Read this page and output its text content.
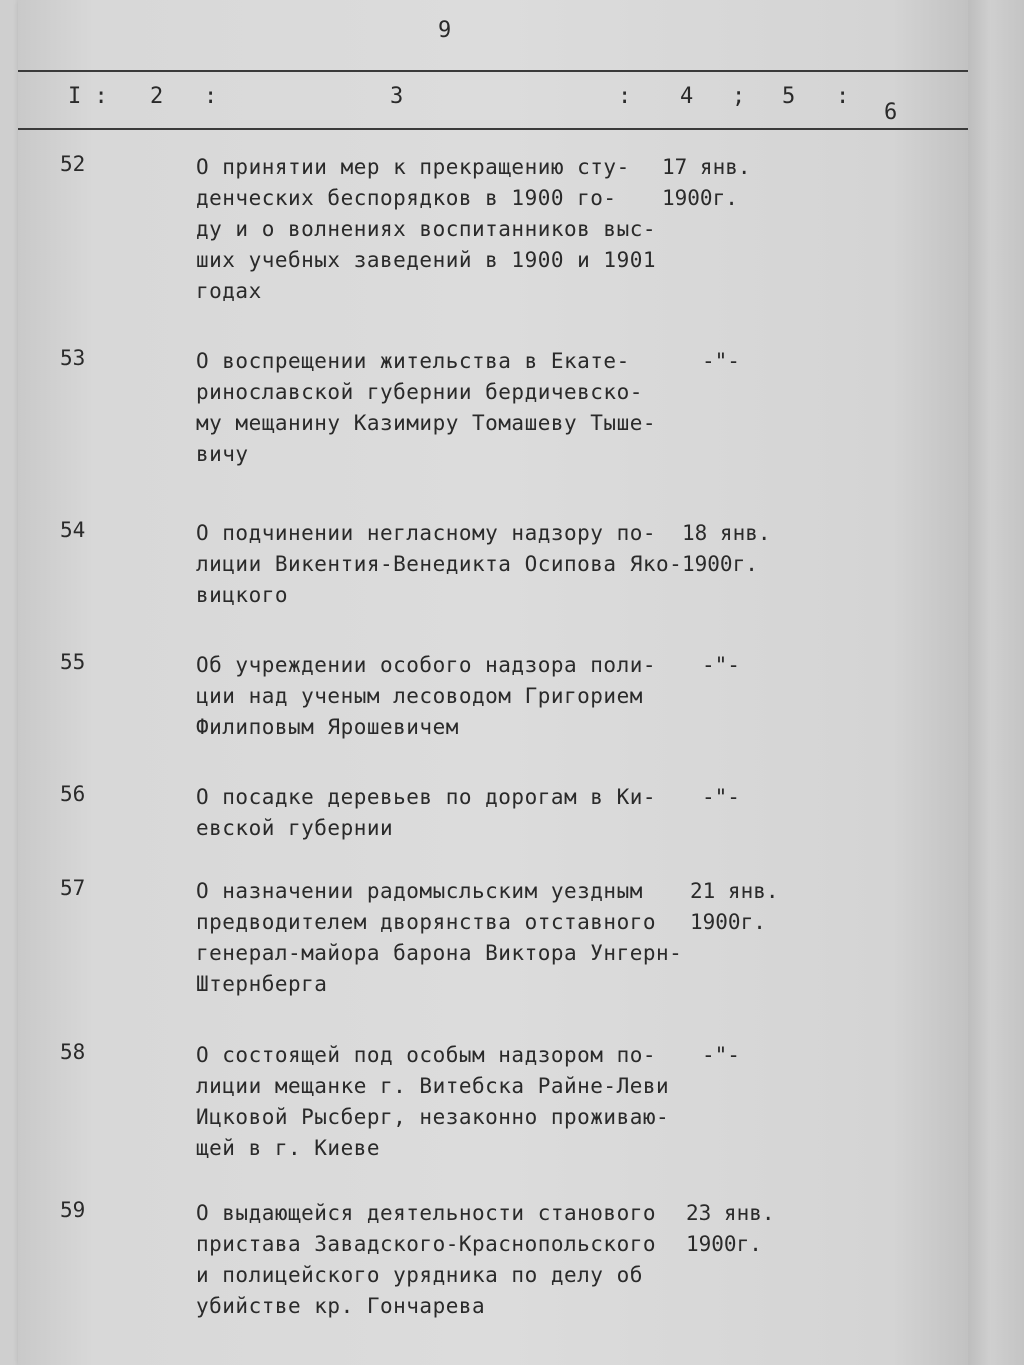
9
I : 2 :	3	: 4 ; 5 :
6
52	О принятии мер к прекращению сту-
денческих беспорядков в 1900 го-
ду и о волнениях воспитанников выс-
ших учебных заведений в 1900 и 1901
годах
17 янв.
1900г.
53	О воспрещении жительства в Екате-
ринославской губернии бердичевско-
му мещанину Казимиру Томашеву Тыше-
вичу
-"-
54	О подчинении негласному надзору по-
лиции Викентия-Венедикта Осипова Яко-
вицкого
18 янв.
1900г.
55	Об учреждении особого надзора поли-
ции над ученым лесоводом Григорием
Филиповым Ярошевичем
-"-
56	О посадке деревьев по дорогам в Ки-
евской губернии
-"-
57	О назначении радомысльским уездным
предводителем дворянства отставного
генерал-майора барона Виктора Унгерн-
Штернберга
21 янв.
1900г.
58	О состоящей под особым надзором по-
лиции мещанке г. Витебска Райне-Леви
Ицковой Рысберг, незаконно проживаю-
щей в г. Киеве
-"-
59	О выдающейся деятельности станового
пристава Завадского-Краснопольского
и полицейского урядника по делу об
убийстве кр. Гончарева
23 янв.
1900г.
